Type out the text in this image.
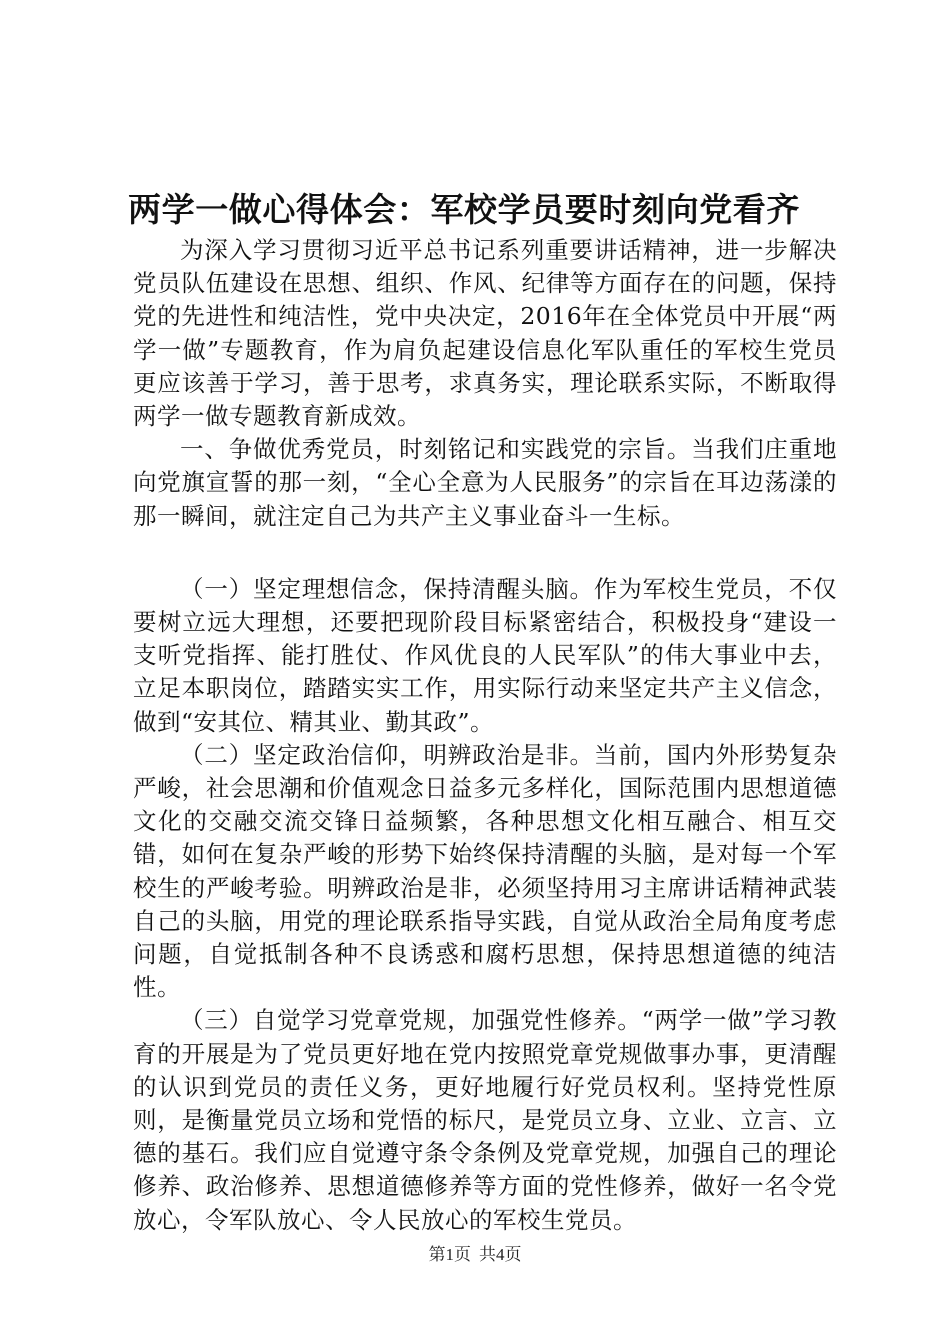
两学一做心得体会：军校学员要时刻向党看齐

为深入学习贯彻习近平总书记系列重要讲话精神，进一步解决党员队伍建设在思想、组织、作风、纪律等方面存在的问题，保持党的先进性和纯洁性，党中央决定，2016年在全体党员中开展“两学一做”专题教育，作为肩负起建设信息化军队重任的军校生党员更应该善于学习，善于思考，求真务实，理论联系实际，不断取得两学一做专题教育新成效。

一、争做优秀党员，时刻铭记和实践党的宗旨。当我们庄重地向党旗宣誓的那一刻，“全心全意为人民服务”的宗旨在耳边荡漾的那一瞬间，就注定自己为共产主义事业奋斗一生标。

（一）坚定理想信念，保持清醒头脑。作为军校生党员，不仅要树立远大理想，还要把现阶段目标紧密结合，积极投身“建设一支听党指挥、能打胜仗、作风优良的人民军队”的伟大事业中去，立足本职岗位，踏踏实实工作，用实际行动来坚定共产主义信念，做到“安其位、精其业、勤其政”。

（二）坚定政治信仰，明辨政治是非。当前，国内外形势复杂严峻，社会思潮和价值观念日益多元多样化，国际范围内思想道德文化的交融交流交锋日益频繁，各种思想文化相互融合、相互交错，如何在复杂严峻的形势下始终保持清醒的头脑，是对每一个军校生的严峻考验。明辨政治是非，必须坚持用习主席讲话精神武装自己的头脑，用党的理论联系指导实践，自觉从政治全局角度考虑问题，自觉抵制各种不良诱惑和腐朽思想，保持思想道德的纯洁性。

（三）自觉学习党章党规，加强党性修养。“两学一做”学习教育的开展是为了党员更好地在党内按照党章党规做事办事，更清醒的认识到党员的责任义务，更好地履行好党员权利。坚持党性原则，是衡量党员立场和党悟的标尺，是党员立身、立业、立言、立德的基石。我们应自觉遵守条令条例及党章党规，加强自己的理论修养、政治修养、思想道德修养等方面的党性修养，做好一名令党放心，令军队放心、令人民放心的军校生党员。

第1页 共4页
